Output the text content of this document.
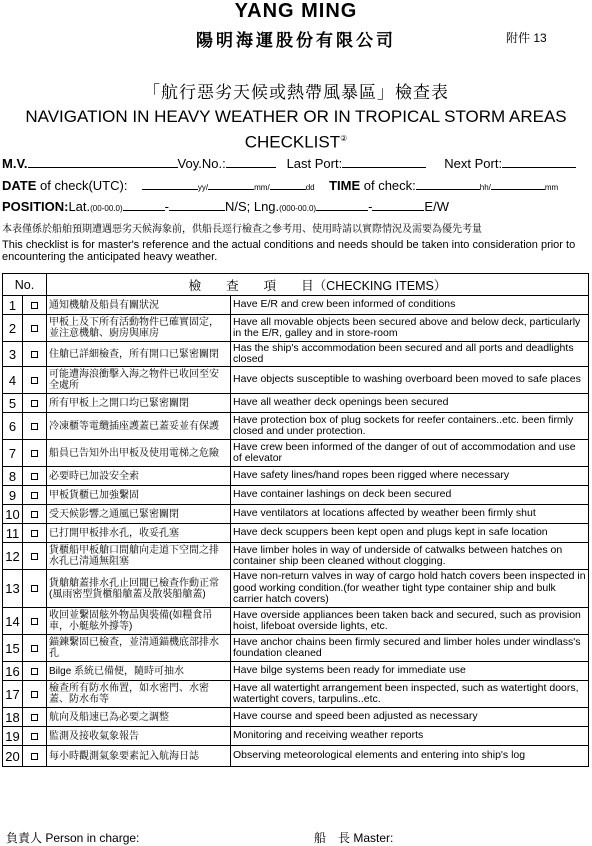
YANG MING
陽明海運股份有限公司	附件 13
「航行惡劣天候或熱帶風暴區」檢查表
NAVIGATION IN HEAVY WEATHER OR IN TROPICAL STORM AREAS CHECKLIST②
M.V.	Voy.No.:	Last Port:	Next Port:
DATE of check(UTC):	yy/	mm/	dd TIME of check:	hh/	mm
POSITION:Lat.(00-00.0)	-	N/S; Lng.(000-00.0)	-	E/W
本表僅係於船舶預期遭遇惡劣天候海象前，供船長逕行檢查之參考用、使用時請以實際情況及需要為優先考量
This checklist is for master's reference and the actual conditions and needs should be taken into consideration prior to encountering the anticipated heavy weather.
No.		檢　　查　　項　　目（CHECKING ITEMS）	
1		通知機艙及船員有關狀況	Have E/R and crew been informed of conditions
2		甲板上及下所有活動物件已確實固定，並注意機艙、廚房與庫房	Have all movable objects been secured above and below deck, particularly in the E/R, galley and in store-room
3		住艙已詳細檢查，所有開口已緊密關閉	Has the ship's accommodation been secured and all ports and deadlights closed
4		可能遭海浪衝擊入海之物件已收回至安全處所	Have objects susceptible to washing overboard been moved to safe places
5		所有甲板上之開口均已緊密關閉	Have all weather deck openings been secured
6		冷凍櫃等電纜插座護蓋已蓋妥並有保護	Have protection box of plug sockets for reefer containers..etc. been firmly closed and under protection.
7		船員已告知外出甲板及使用電梯之危險	Have crew been informed of the danger of out of accommodation and use of elevator
8		必要時已加設安全索	Have safety lines/hand ropes been rigged where necessary
9		甲板貨櫃已加強繫固	Have container lashings on deck been secured
10		受天候影響之通風已緊密關閉	Have ventilators at locations affected by weather been firmly shut
11		已打開甲板排水孔，收妥孔塞	Have deck scuppers been kept open and plugs kept in safe location
12		貨櫃船甲板艙口間艙向走道下空間之排水孔已清通無阻塞	Have limber holes in way of underside of catwalks between hatches on container ship been cleaned without clogging.
13		貨艙艙蓋排水孔止回閥已檢查作動正常(風雨密型貨櫃船艙蓋及散裝船艙蓋)	Have non-return valves in way of cargo hold hatch covers been inspected in good working condition.(for weather tight type container ship and bulk carrier hatch covers)
14		收回並繫固舷外物品與裝備(如糧食吊車，小艇舷外撐等)	Have overside appliances been taken back and secured, such as provision hoist, lifeboat overside lights, etc.
15		錨鍊繫固已檢查，並清通錨機底部排水孔	Have anchor chains been firmly secured and limber holes under windlass's foundation cleaned
16		Bilge 系統已備便，隨時可抽水	Have bilge systems been ready for immediate use
17		檢查所有防水佈置，如水密門、水密蓋、防水布等	Have all watertight arrangement been inspected, such as watertight doors, watertight covers, tarpulins..etc.
18		航向及船速已為必要之調整	Have course and speed been adjusted as necessary
19		監測及接收氣象報告	Monitoring and receiving weather reports
20		每小時觀測氣象要素記入航海日誌	Observing meteorological elements and entering into ship's log
負責人 Person in charge:	船　長 Master:
